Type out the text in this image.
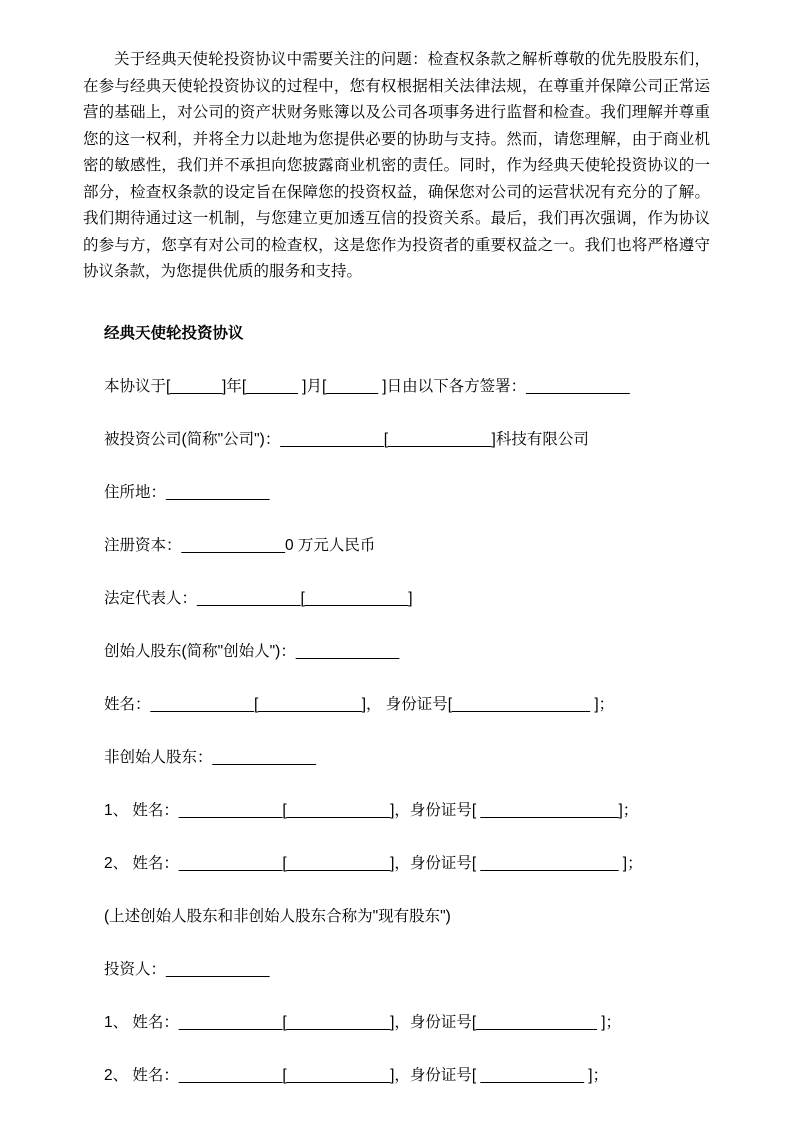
关于经典天使轮投资协议中需要关注的问题：检查权条款之解析尊敬的优先股股东们，在参与经典天使轮投资协议的过程中，您有权根据相关法律法规，在尊重并保障公司正常运营的基础上，对公司的资产状财务账簿以及公司各项事务进行监督和检查。我们理解并尊重您的这一权利，并将全力以赴地为您提供必要的协助与支持。然而，请您理解，由于商业机密的敏感性，我们并不承担向您披露商业机密的责任。同时，作为经典天使轮投资协议的一部分，检查权条款的设定旨在保障您的投资权益，确保您对公司的运营状况有充分的了解。我们期待通过这一机制，与您建立更加透互信的投资关系。最后，我们再次强调，作为协议的参与方，您享有对公司的检查权，这是您作为投资者的重要权益之一。我们也将严格遵守协议条款，为您提供优质的服务和支持。

经典天使轮投资协议

本协议于[______]年[______ ]月[______ ]日由以下各方签署：____________

被投资公司(简称"公司")：____________[____________]科技有限公司

住所地：____________

注册资本：____________0 万元人民币

法定代表人：____________[____________]

创始人股东(简称"创始人")：____________

姓名：____________[____________]， 身份证号[________________ ]；

非创始人股东：____________

1、 姓名：____________[____________]，身份证号[ ________________]；

2、 姓名：____________[____________]，身份证号[ ________________ ]；

(上述创始人股东和非创始人股东合称为"现有股东")

投资人：____________

1、 姓名：____________[____________]，身份证号[______________ ]；

2、 姓名：____________[____________]，身份证号[ ____________ ]；
